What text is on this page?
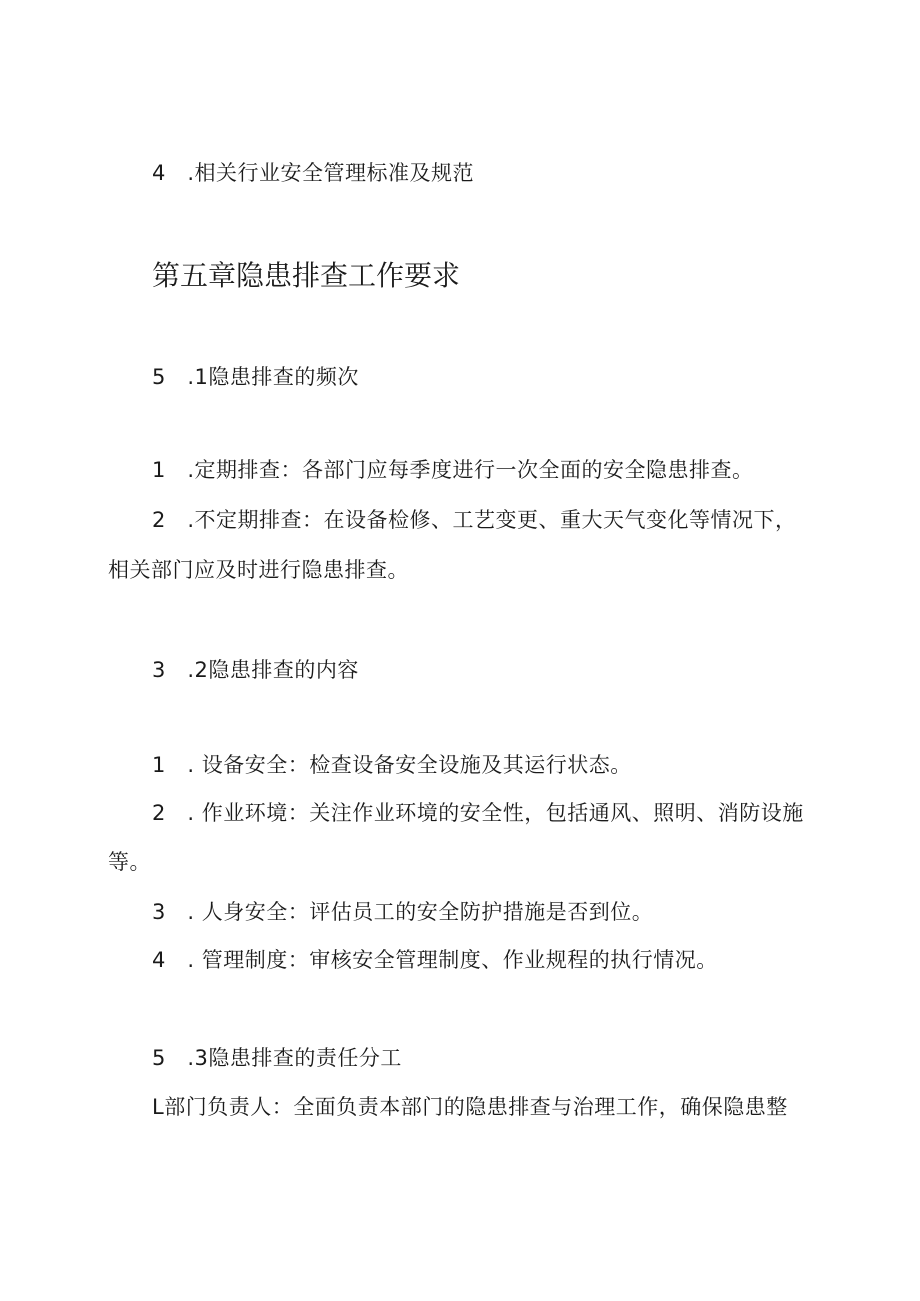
4　.相关行业安全管理标准及规范
第五章隐患排查工作要求
5　.1隐患排查的频次
1　.定期排查：各部门应每季度进行一次全面的安全隐患排查。
2　.不定期排查：在设备检修、工艺变更、重大天气变化等情况下，
相关部门应及时进行隐患排查。
3　.2隐患排查的内容
1　. 设备安全：检查设备安全设施及其运行状态。
2　. 作业环境：关注作业环境的安全性，包括通风、照明、消防设施
等。
3　. 人身安全：评估员工的安全防护措施是否到位。
4　. 管理制度：审核安全管理制度、作业规程的执行情况。
5　.3隐患排查的责任分工
L部门负责人：全面负责本部门的隐患排查与治理工作，确保隐患整
